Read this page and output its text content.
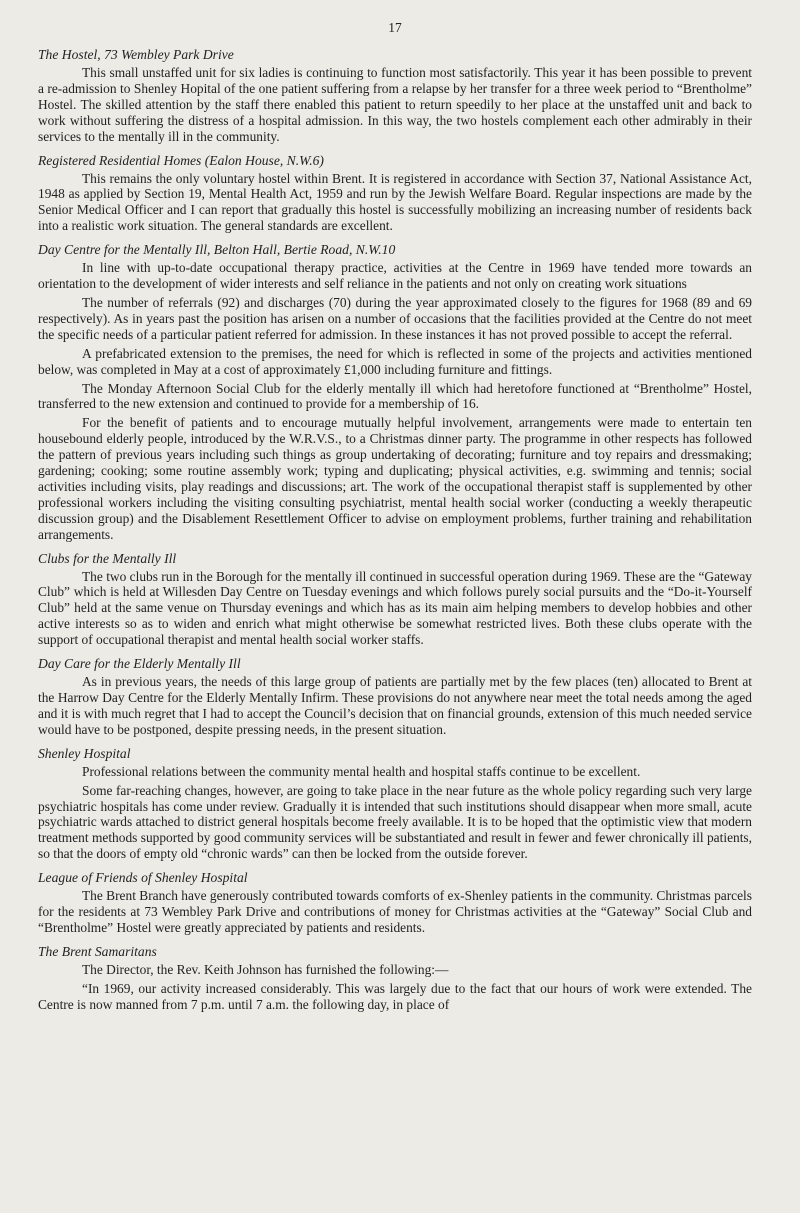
17
The Hostel, 73 Wembley Park Drive

This small unstaffed unit for six ladies is continuing to function most satisfactorily. This year it has been possible to prevent a re-admission to Shenley Hopital of the one patient suffering from a relapse by her transfer for a three week period to “Brentholme” Hostel. The skilled attention by the staff there enabled this patient to return speedily to her place at the unstaffed unit and back to work without suffering the distress of a hospital admission. In this way, the two hostels complement each other admirably in their services to the mentally ill in the community.

Registered Residential Homes (Ealon House, N.W.6)

This remains the only voluntary hostel within Brent. It is registered in accordance with Section 37, National Assistance Act, 1948 as applied by Section 19, Mental Health Act, 1959 and run by the Jewish Welfare Board. Regular inspections are made by the Senior Medical Officer and I can report that gradually this hostel is successfully mobilizing an increasing number of residents back into a realistic work situation. The general standards are excellent.

Day Centre for the Mentally Ill, Belton Hall, Bertie Road, N.W.10

In line with up-to-date occupational therapy practice, activities at the Centre in 1969 have tended more towards an orientation to the development of wider interests and self reliance in the patients and not only on creating work situations

The number of referrals (92) and discharges (70) during the year approximated closely to the figures for 1968 (89 and 69 respectively). As in years past the position has arisen on a number of occasions that the facilities provided at the Centre do not meet the specific needs of a particular patient referred for admission. In these instances it has not proved possible to accept the referral.

A prefabricated extension to the premises, the need for which is reflected in some of the projects and activities mentioned below, was completed in May at a cost of approximately £1,000 including furniture and fittings.

The Monday Afternoon Social Club for the elderly mentally ill which had heretofore functioned at “Brentholme” Hostel, transferred to the new extension and continued to provide for a membership of 16.

For the benefit of patients and to encourage mutually helpful involvement, arrangements were made to entertain ten housebound elderly people, introduced by the W.R.V.S., to a Christmas dinner party. The programme in other respects has followed the pattern of previous years including such things as group undertaking of decorating; furniture and toy repairs and dressmaking; gardening; cooking; some routine assembly work; typing and duplicating; physical activities, e.g. swimming and tennis; social activities including visits, play readings and discussions; art. The work of the occupational therapist staff is supplemented by other professional workers including the visiting consulting psychiatrist, mental health social worker (conducting a weekly therapeutic discussion group) and the Disablement Resettlement Officer to advise on employment problems, further training and rehabilitation arrangements.

Clubs for the Mentally Ill

The two clubs run in the Borough for the mentally ill continued in successful operation during 1969. These are the “Gateway Club” which is held at Willesden Day Centre on Tuesday evenings and which follows purely social pursuits and the “Do-it-Yourself Club” held at the same venue on Thursday evenings and which has as its main aim helping members to develop hobbies and other active interests so as to widen and enrich what might otherwise be somewhat restricted lives. Both these clubs operate with the support of occupational therapist and mental health social worker staffs.

Day Care for the Elderly Mentally Ill

As in previous years, the needs of this large group of patients are partially met by the few places (ten) allocated to Brent at the Harrow Day Centre for the Elderly Mentally Infirm. These provisions do not anywhere near meet the total needs among the aged and it is with much regret that I had to accept the Council’s decision that on financial grounds, extension of this much needed service would have to be postponed, despite pressing needs, in the present situation.

Shenley Hospital

Professional relations between the community mental health and hospital staffs continue to be excellent.

Some far-reaching changes, however, are going to take place in the near future as the whole policy regarding such very large psychiatric hospitals has come under review. Gradually it is intended that such institutions should disappear when more small, acute psychiatric wards attached to district general hospitals become freely available. It is to be hoped that the optimistic view that modern treatment methods supported by good community services will be substantiated and result in fewer and fewer chronically ill patients, so that the doors of empty old “chronic wards” can then be locked from the outside forever.

League of Friends of Shenley Hospital

The Brent Branch have generously contributed towards comforts of ex-Shenley patients in the community. Christmas parcels for the residents at 73 Wembley Park Drive and contributions of money for Christmas activities at the “Gateway” Social Club and “Brentholme” Hostel were greatly appreciated by patients and residents.

The Brent Samaritans

The Director, the Rev. Keith Johnson has furnished the following:—

“In 1969, our activity increased considerably. This was largely due to the fact that our hours of work were extended. The Centre is now manned from 7 p.m. until 7 a.m. the following day, in place of
